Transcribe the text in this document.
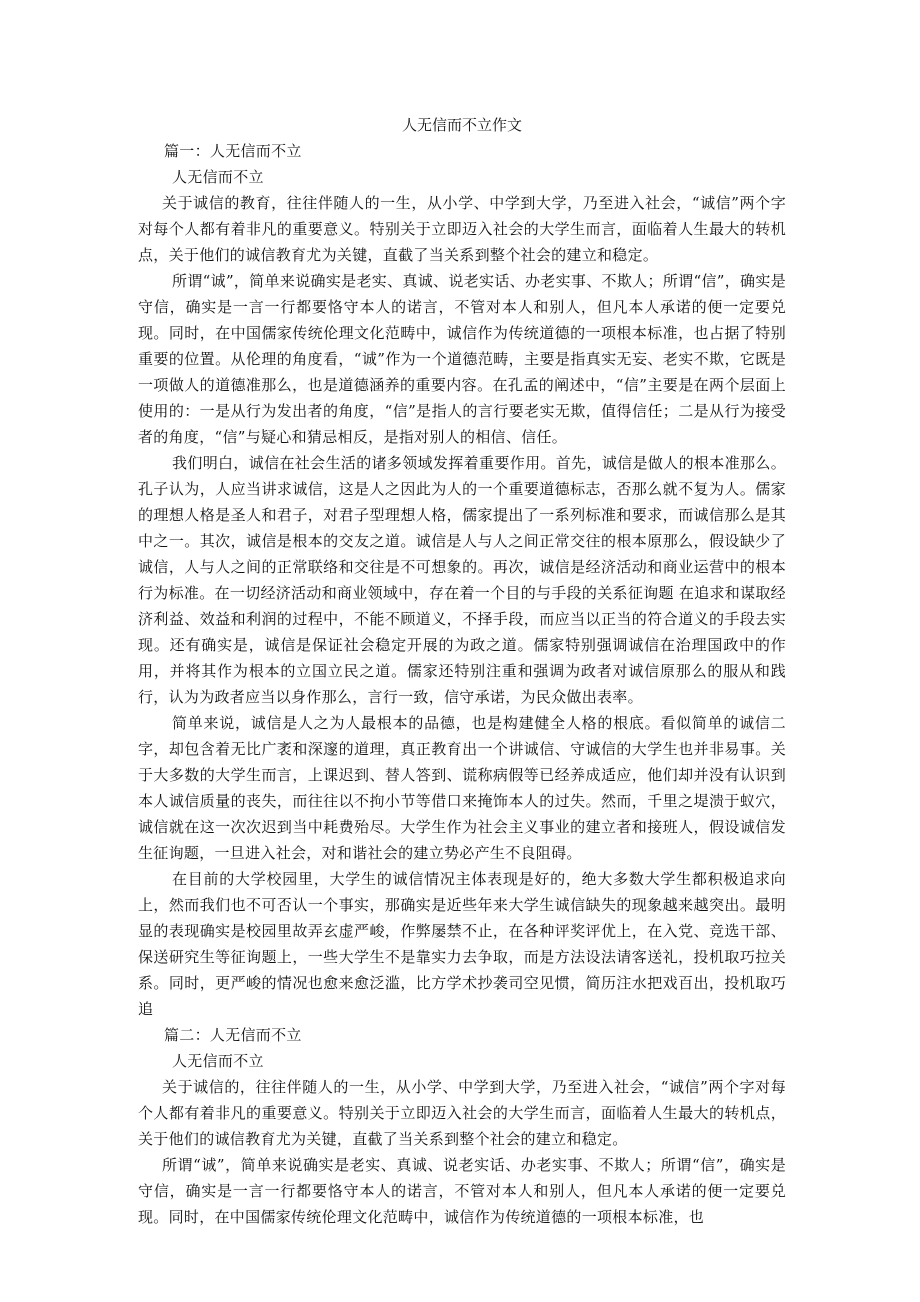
人无信而不立作文

篇一：人无信而不立

人无信而不立

关于诚信的教育，往往伴随人的一生，从小学、中学到大学，乃至进入社会，“诚信”两个字对每个人都有着非凡的重要意义。特别关于立即迈入社会的大学生而言，面临着人生最大的转机点，关于他们的诚信教育尤为关键，直截了当关系到整个社会的建立和稳定。

所谓“诚”，简单来说确实是老实、真诚、说老实话、办老实事、不欺人；所谓“信”，确实是守信，确实是一言一行都要恪守本人的诺言，不管对本人和别人，但凡本人承诺的便一定要兑现。同时，在中国儒家传统伦理文化范畴中，诚信作为传统道德的一项根本标准，也占据了特别重要的位置。从伦理的角度看，“诚”作为一个道德范畴，主要是指真实无妄、老实不欺，它既是一项做人的道德准那么，也是道德涵养的重要内容。在孔孟的阐述中，“信”主要是在两个层面上使用的：一是从行为发出者的角度，“信”是指人的言行要老实无欺，值得信任；二是从行为接受者的角度，“信”与疑心和猜忌相反，是指对别人的相信、信任。

我们明白，诚信在社会生活的诸多领域发挥着重要作用。首先，诚信是做人的根本准那么。孔子认为，人应当讲求诚信，这是人之因此为人的一个重要道德标志，否那么就不复为人。儒家的理想人格是圣人和君子，对君子型理想人格，儒家提出了一系列标准和要求，而诚信那么是其中之一。其次，诚信是根本的交友之道。诚信是人与人之间正常交往的根本原那么，假设缺少了诚信，人与人之间的正常联络和交往是不可想象的。再次，诚信是经济活动和商业运营中的根本行为标准。在一切经济活动和商业领域中，存在着一个目的与手段的关系征询题 在追求和谋取经济利益、效益和利润的过程中，不能不顾道义，不择手段，而应当以正当的符合道义的手段去实现。还有确实是，诚信是保证社会稳定开展的为政之道。儒家特别强调诚信在治理国政中的作用，并将其作为根本的立国立民之道。儒家还特别注重和强调为政者对诚信原那么的服从和践行，认为为政者应当以身作那么，言行一致，信守承诺，为民众做出表率。

简单来说，诚信是人之为人最根本的品德，也是构建健全人格的根底。看似简单的诚信二字，却包含着无比广袤和深邃的道理，真正教育出一个讲诚信、守诚信的大学生也并非易事。关于大多数的大学生而言，上课迟到、替人答到、谎称病假等已经养成适应，他们却并没有认识到本人诚信质量的丧失，而往往以不拘小节等借口来掩饰本人的过失。然而，千里之堤溃于蚁穴，诚信就在这一次次迟到当中耗费殆尽。大学生作为社会主义事业的建立者和接班人，假设诚信发生征询题，一旦进入社会，对和谐社会的建立势必产生不良阻碍。

在目前的大学校园里，大学生的诚信情况主体表现是好的，绝大多数大学生都积极追求向上，然而我们也不可否认一个事实，那确实是近些年来大学生诚信缺失的现象越来越突出。最明显的表现确实是校园里故弄玄虚严峻，作弊屡禁不止，在各种评奖评优上，在入党、竞选干部、保送研究生等征询题上，一些大学生不是靠实力去争取，而是方法设法请客送礼，投机取巧拉关系。同时，更严峻的情况也愈来愈泛滥，比方学术抄袭司空见惯，简历注水把戏百出，投机取巧追

篇二：人无信而不立

人无信而不立

关于诚信的，往往伴随人的一生，从小学、中学到大学，乃至进入社会，“诚信”两个字对每个人都有着非凡的重要意义。特别关于立即迈入社会的大学生而言，面临着人生最大的转机点，关于他们的诚信教育尤为关键，直截了当关系到整个社会的建立和稳定。

所谓“诚”，简单来说确实是老实、真诚、说老实话、办老实事、不欺人；所谓“信”，确实是守信，确实是一言一行都要恪守本人的诺言，不管对本人和别人，但凡本人承诺的便一定要兑现。同时，在中国儒家传统伦理文化范畴中，诚信作为传统道德的一项根本标准，也
